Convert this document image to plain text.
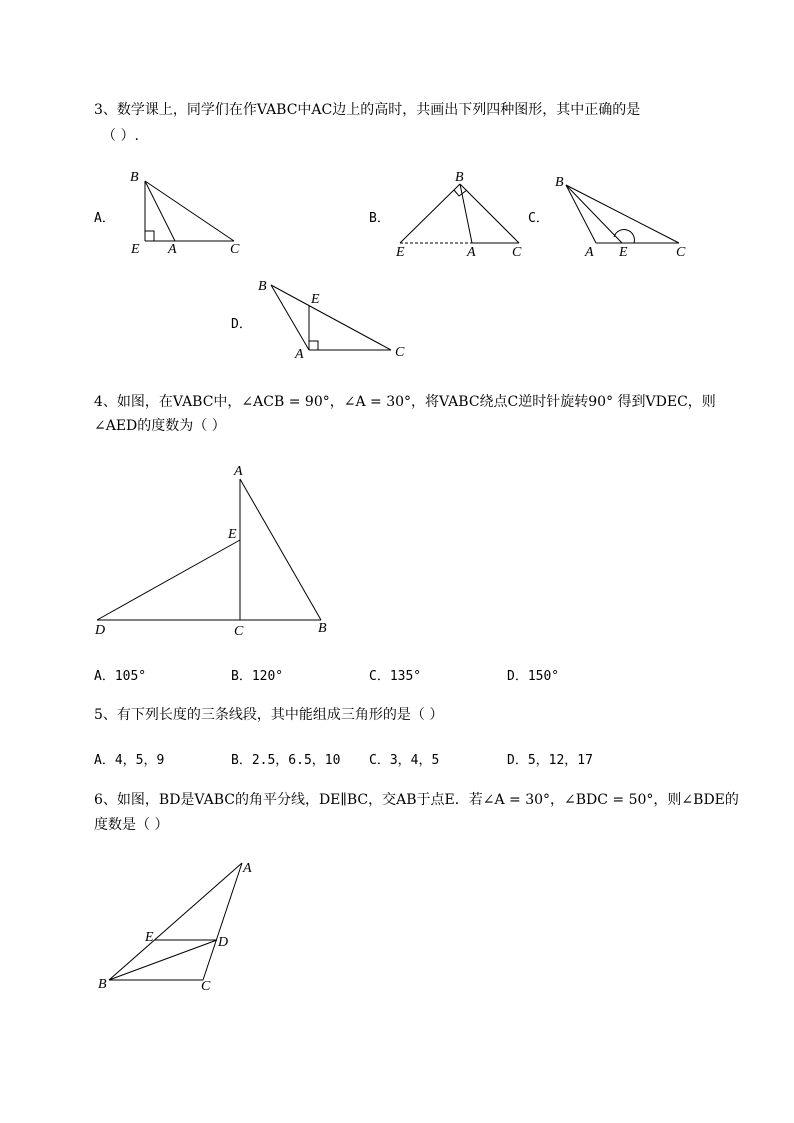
3、数学课上，同学们在作VABC中AC边上的高时，共画出下列四种图形，其中正确的是
（ ）.
A．
B
E A	C
B．
B
E	A	C
C．
B
A E	C
D．
B
E
A	C
4、如图，在VABC中，∠ACB = 90°，∠A = 30°，将VABC绕点C逆时针旋转90° 得到VDEC，则
∠AED的度数为（ ）
A
E
D	C	B
A．105°	B．120°	C．135°	D．150°
5、有下列长度的三条线段，其中能组成三角形的是（ ）
A．4，5，9	B．2.5，6.5，10 C．3，4，5	D．5，12，17
6、如图，BD是VABC的角平分线，DE∥BC，交AB于点E．若∠A = 30°，∠BDC = 50°，则∠BDE的
度数是（ ）
A
E	D
B	C
